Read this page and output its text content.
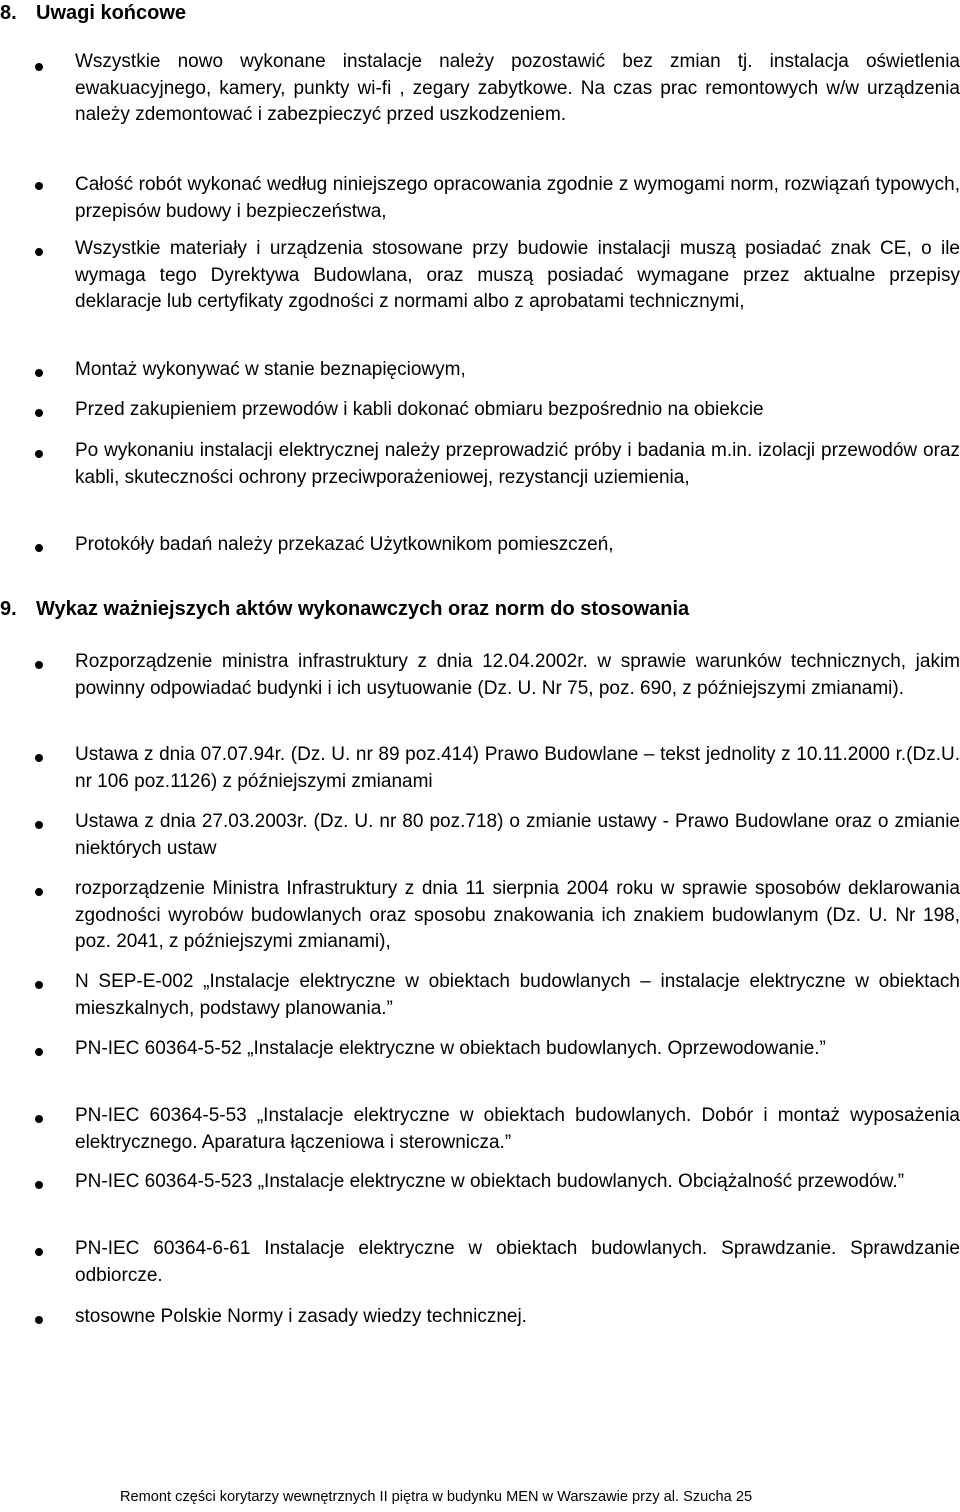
8. Uwagi końcowe
Wszystkie nowo wykonane instalacje należy pozostawić bez zmian tj. instalacja oświetlenia ewakuacyjnego, kamery, punkty wi-fi , zegary zabytkowe. Na czas prac remontowych w/w urządzenia należy zdemontować i zabezpieczyć przed uszkodzeniem.
Całość robót wykonać według niniejszego opracowania zgodnie z wymogami norm, rozwiązań typowych, przepisów budowy i bezpieczeństwa,
Wszystkie materiały i urządzenia stosowane przy budowie instalacji muszą posiadać znak CE, o ile wymaga tego Dyrektywa Budowlana, oraz muszą posiadać wymagane przez aktualne przepisy deklaracje lub certyfikaty zgodności z normami albo z aprobatami technicznymi,
Montaż wykonywać w stanie beznapięciowym,
Przed zakupieniem przewodów i kabli dokonać obmiaru bezpośrednio na obiekcie
Po wykonaniu instalacji elektrycznej należy przeprowadzić próby i badania m.in. izolacji przewodów oraz kabli, skuteczności ochrony przeciwporażeniowej, rezystancji uziemienia,
Protokóły badań należy przekazać Użytkownikom pomieszczeń,
9. Wykaz ważniejszych aktów wykonawczych oraz norm do stosowania
Rozporządzenie ministra infrastruktury z dnia 12.04.2002r. w sprawie warunków technicznych, jakim powinny odpowiadać budynki i ich usytuowanie (Dz. U. Nr 75, poz. 690, z późniejszymi zmianami).
Ustawa z dnia 07.07.94r. (Dz. U. nr 89 poz.414) Prawo Budowlane – tekst jednolity z 10.11.2000 r.(Dz.U. nr 106 poz.1126) z późniejszymi zmianami
Ustawa z dnia 27.03.2003r. (Dz. U. nr 80 poz.718) o zmianie ustawy - Prawo Budowlane oraz o zmianie niektórych ustaw
rozporządzenie Ministra Infrastruktury z dnia 11 sierpnia 2004 roku w sprawie sposobów deklarowania zgodności wyrobów budowlanych oraz sposobu znakowania ich znakiem budowlanym (Dz. U. Nr 198, poz. 2041, z późniejszymi zmianami),
N SEP-E-002 „Instalacje elektryczne w obiektach budowlanych – instalacje elektryczne w obiektach mieszkalnych, podstawy planowania.”
PN-IEC 60364-5-52 „Instalacje elektryczne w obiektach budowlanych. Oprzewodowanie.”
PN-IEC 60364-5-53 „Instalacje elektryczne w obiektach budowlanych. Dobór i montaż wyposażenia elektrycznego. Aparatura łączeniowa i sterownicza.”
PN-IEC 60364-5-523 „Instalacje elektryczne w obiektach budowlanych. Obciążalność przewodów.”
PN-IEC 60364-6-61 Instalacje elektryczne w obiektach budowlanych. Sprawdzanie. Sprawdzanie odbiorcze.
stosowne Polskie Normy i zasady wiedzy technicznej.
Remont części korytarzy wewnętrznych II piętra w budynku MEN w Warszawie przy al. Szucha 25
